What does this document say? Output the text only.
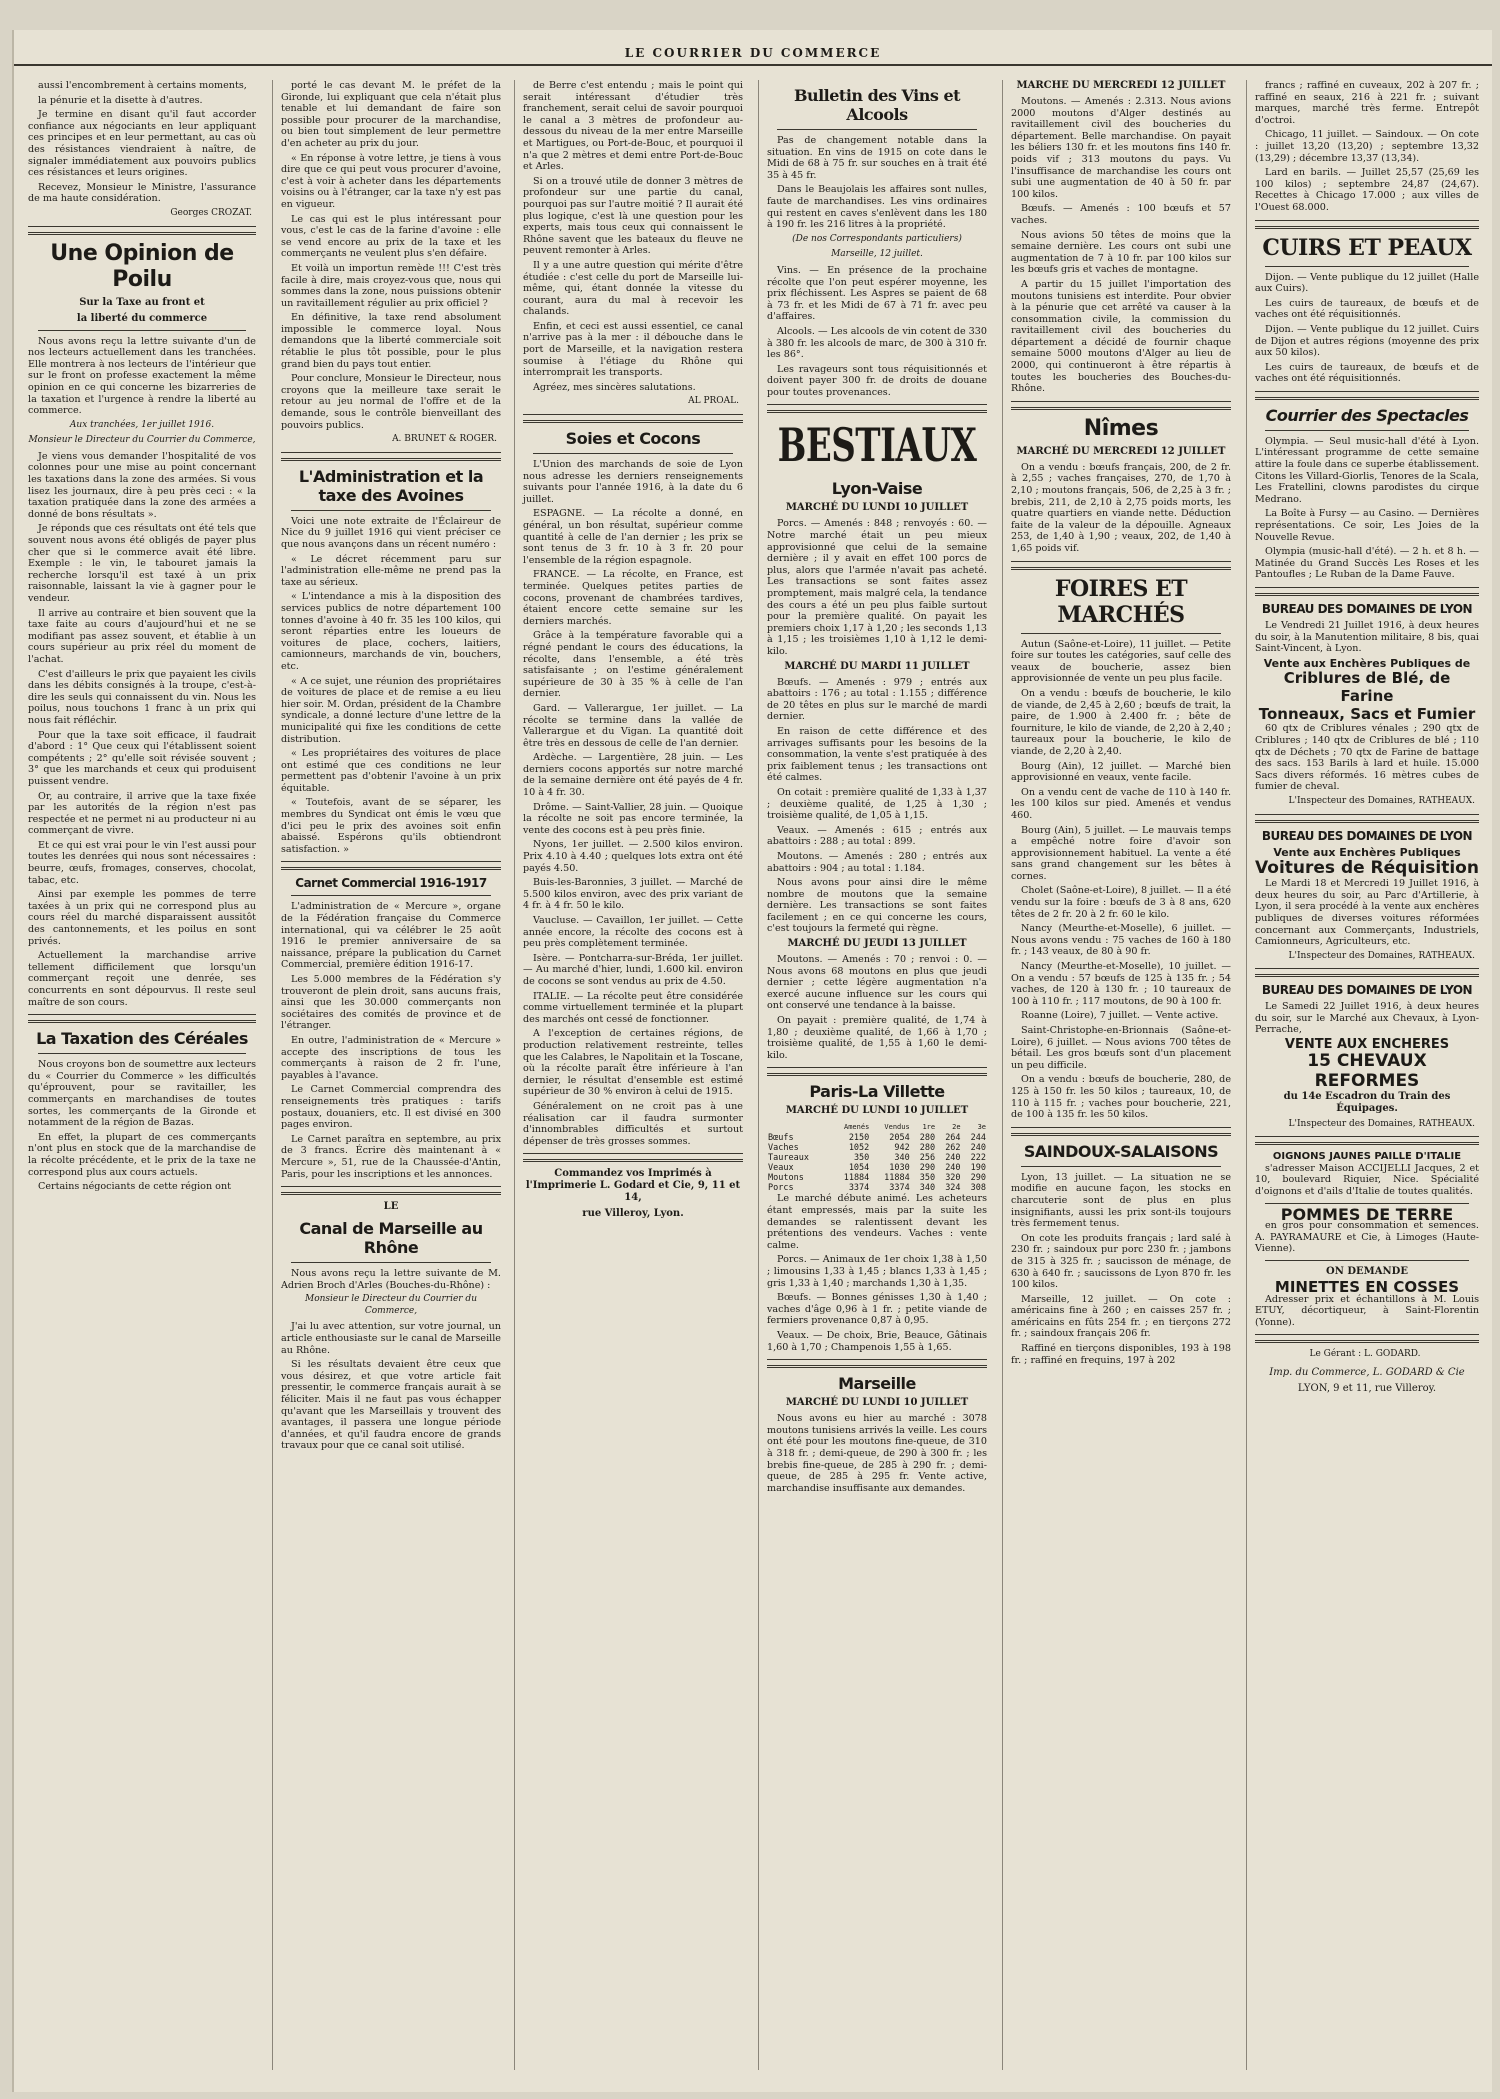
LE COURRIER DU COMMERCE

aussi l'encombrement à certains moments,

la pénurie et la disette à d'autres.

Je termine en disant qu'il faut accorder confiance aux négociants en leur appliquant ces principes et en leur permettant, au cas où des résistances viendraient à naître, de signaler immédiatement aux pouvoirs publics ces résistances et leurs origines.

Recevez, Monsieur le Ministre, l'assurance de ma haute considération.

Georges CROZAT.
Une Opinion de Poilu
Sur la Taxe au front et
la liberté du commerce

Nous avons reçu la lettre suivante d'un de nos lecteurs actuellement dans les tranchées. Elle montrera à nos lecteurs de l'intérieur que sur le front on professe exactement la même opinion en ce qui concerne les bizarreries de la taxation et l'urgence à rendre la liberté au commerce.

Aux tranchées, 1er juillet 1916.
Monsieur le Directeur du Courrier du Commerce,

Je viens vous demander l'hospitalité de vos colonnes pour une mise au point concernant les taxations dans la zone des armées. Si vous lisez les journaux, dire à peu près ceci : « la taxation pratiquée dans la zone des armées a donné de bons résultats ».

Je réponds que ces résultats ont été tels que souvent nous avons été obligés de payer plus cher que si le commerce avait été libre. Exemple : le vin, le tabouret jamais la recherche lorsqu'il est taxé à un prix raisonnable, laissant la vie à gagner pour le vendeur.

Il arrive au contraire et bien souvent que la taxe faite au cours d'aujourd'hui et ne se modifiant pas assez souvent, et établie à un cours supérieur au prix réel du moment de l'achat.

C'est d'ailleurs le prix que payaient les civils dans les débits consignés à la troupe, c'est-à-dire les seuls qui connaissent du vin. Nous les poilus, nous touchons 1 franc à un prix qui nous fait réfléchir.

Pour que la taxe soit efficace, il faudrait d'abord : 1° Que ceux qui l'établissent soient compétents ; 2° qu'elle soit révisée souvent ; 3° que les marchands et ceux qui produisent puissent vendre.

Or, au contraire, il arrive que la taxe fixée par les autorités de la région n'est pas respectée et ne permet ni au producteur ni au commerçant de vivre.

Et ce qui est vrai pour le vin l'est aussi pour toutes les denrées qui nous sont nécessaires : beurre, œufs, fromages, conserves, chocolat, tabac, etc.

Ainsi par exemple les pommes de terre taxées à un prix qui ne correspond plus au cours réel du marché disparaissent aussitôt des cantonnements, et les poilus en sont privés.

Actuellement la marchandise arrive tellement difficilement que lorsqu'un commerçant reçoit une denrée, ses concurrents en sont dépourvus. Il reste seul maître de son cours.

La Taxation des Céréales

Nous croyons bon de soumettre aux lecteurs du « Courrier du Commerce » les difficultés qu'éprouvent, pour se ravitailler, les commerçants en marchandises de toutes sortes, les commerçants de la Gironde et notamment de la région de Bazas.

En effet, la plupart de ces commerçants n'ont plus en stock que de la marchandise de la récolte précédente, et le prix de la taxe ne correspond plus aux cours actuels.

Certains négociants de cette région ont

porté le cas devant M. le préfet de la Gironde, lui expliquant que cela n'était plus tenable et lui demandant de faire son possible pour procurer de la marchandise, ou bien tout simplement de leur permettre d'en acheter au prix du jour.

« En réponse à votre lettre, je tiens à vous dire que ce qui peut vous procurer d'avoine, c'est à voir à acheter dans les départements voisins ou à l'étranger, car la taxe n'y est pas en vigueur.

Le cas qui est le plus intéressant pour vous, c'est le cas de la farine d'avoine : elle se vend encore au prix de la taxe et les commerçants ne veulent plus s'en défaire.

Et voilà un importun remède !!! C'est très facile à dire, mais croyez-vous que, nous qui sommes dans la zone, nous puissions obtenir un ravitaillement régulier au prix officiel ?

En définitive, la taxe rend absolument impossible le commerce loyal. Nous demandons que la liberté commerciale soit rétablie le plus tôt possible, pour le plus grand bien du pays tout entier.

Pour conclure, Monsieur le Directeur, nous croyons que la meilleure taxe serait le retour au jeu normal de l'offre et de la demande, sous le contrôle bienveillant des pouvoirs publics.

A. BRUNET & ROGER.
L'Administration et la taxe des Avoines

Voici une note extraite de l'Éclaireur de Nice du 9 juillet 1916 qui vient préciser ce que nous avançons dans un récent numéro :

« Le décret récemment paru sur l'administration elle-même ne prend pas la taxe au sérieux.

« L'intendance a mis à la disposition des services publics de notre département 100 tonnes d'avoine à 40 fr. 35 les 100 kilos, qui seront réparties entre les loueurs de voitures de place, cochers, laitiers, camionneurs, marchands de vin, bouchers, etc.

« A ce sujet, une réunion des propriétaires de voitures de place et de remise a eu lieu hier soir. M. Ordan, président de la Chambre syndicale, a donné lecture d'une lettre de la municipalité qui fixe les conditions de cette distribution.

« Les propriétaires des voitures de place ont estimé que ces conditions ne leur permettent pas d'obtenir l'avoine à un prix équitable.

« Toutefois, avant de se séparer, les membres du Syndicat ont émis le vœu que d'ici peu le prix des avoines soit enfin abaissé. Espérons qu'ils obtiendront satisfaction. »

Carnet Commercial 1916-1917

L'administration de « Mercure », organe de la Fédération française du Commerce international, qui va célébrer le 25 août 1916 le premier anniversaire de sa naissance, prépare la publication du Carnet Commercial, première édition 1916-17.

Les 5.000 membres de la Fédération s'y trouveront de plein droit, sans aucuns frais, ainsi que les 30.000 commerçants non sociétaires des comités de province et de l'étranger.

En outre, l'administration de « Mercure » accepte des inscriptions de tous les commerçants à raison de 2 fr. l'une, payables à l'avance.

Le Carnet Commercial comprendra des renseignements très pratiques : tarifs postaux, douaniers, etc. Il est divisé en 300 pages environ.

Le Carnet paraîtra en septembre, au prix de 3 francs. Écrire dès maintenant à « Mercure », 51, rue de la Chaussée-d'Antin, Paris, pour les inscriptions et les annonces.

LE
Canal de Marseille au Rhône

Nous avons reçu la lettre suivante de M. Adrien Broch d'Arles (Bouches-du-Rhône) :

Monsieur le Directeur du Courrier du Commerce,

J'ai lu avec attention, sur votre journal, un article enthousiaste sur le canal de Marseille au Rhône.

Si les résultats devaient être ceux que vous désirez, et que votre article fait pressentir, le commerce français aurait à se féliciter. Mais il ne faut pas vous échapper qu'avant que les Marseillais y trouvent des avantages, il passera une longue période d'années, et qu'il faudra encore de grands travaux pour que ce canal soit utilisé.

de Berre c'est entendu ; mais le point qui serait intéressant d'étudier très franchement, serait celui de savoir pourquoi le canal a 3 mètres de profondeur au-dessous du niveau de la mer entre Marseille et Martigues, ou Port-de-Bouc, et pourquoi il n'a que 2 mètres et demi entre Port-de-Bouc et Arles.

Si on a trouvé utile de donner 3 mètres de profondeur sur une partie du canal, pourquoi pas sur l'autre moitié ? Il aurait été plus logique, c'est là une question pour les experts, mais tous ceux qui connaissent le Rhône savent que les bateaux du fleuve ne peuvent remonter à Arles.

Il y a une autre question qui mérite d'être étudiée : c'est celle du port de Marseille lui-même, qui, étant donnée la vitesse du courant, aura du mal à recevoir les chalands.

Enfin, et ceci est aussi essentiel, ce canal n'arrive pas à la mer : il débouche dans le port de Marseille, et la navigation restera soumise à l'étiage du Rhône qui interromprait les transports.

Agréez, mes sincères salutations.

AL PROAL.
Soies et Cocons

L'Union des marchands de soie de Lyon nous adresse les derniers renseignements suivants pour l'année 1916, à la date du 6 juillet.

ESPAGNE. — La récolte a donné, en général, un bon résultat, supérieur comme quantité à celle de l'an dernier ; les prix se sont tenus de 3 fr. 10 à 3 fr. 20 pour l'ensemble de la région espagnole.

FRANCE. — La récolte, en France, est terminée. Quelques petites parties de cocons, provenant de chambrées tardives, étaient encore cette semaine sur les derniers marchés.

Grâce à la température favorable qui a régné pendant le cours des éducations, la récolte, dans l'ensemble, a été très satisfaisante ; on l'estime généralement supérieure de 30 à 35 % à celle de l'an dernier.

Gard. — Vallerargue, 1er juillet. — La récolte se termine dans la vallée de Vallerargue et du Vigan. La quantité doit être très en dessous de celle de l'an dernier.

Ardèche. — Largentière, 28 juin. — Les derniers cocons apportés sur notre marché de la semaine dernière ont été payés de 4 fr. 10 à 4 fr. 30.

Drôme. — Saint-Vallier, 28 juin. — Quoique la récolte ne soit pas encore terminée, la vente des cocons est à peu près finie.

Nyons, 1er juillet. — 2.500 kilos environ. Prix 4.10 à 4.40 ; quelques lots extra ont été payés 4.50.

Buis-les-Baronnies, 3 juillet. — Marché de 5.500 kilos environ, avec des prix variant de 4 fr. à 4 fr. 50 le kilo.

Vaucluse. — Cavaillon, 1er juillet. — Cette année encore, la récolte des cocons est à peu près complètement terminée.

Isère. — Pontcharra-sur-Bréda, 1er juillet. — Au marché d'hier, lundi, 1.600 kil. environ de cocons se sont vendus au prix de 4.50.

ITALIE. — La récolte peut être considérée comme virtuellement terminée et la plupart des marchés ont cessé de fonctionner.

A l'exception de certaines régions, de production relativement restreinte, telles que les Calabres, le Napolitain et la Toscane, où la récolte paraît être inférieure à l'an dernier, le résultat d'ensemble est estimé supérieur de 30 % environ à celui de 1915.

Généralement on ne croit pas à une réalisation car il faudra surmonter d'innombrables difficultés et surtout dépenser de très grosses sommes.

Commandez vos Imprimés à l'Imprimerie L. Godard et Cie, 9, 11 et 14,
rue Villeroy, Lyon.
Bulletin des Vins et Alcools

Pas de changement notable dans la situation. En vins de 1915 on cote dans le Midi de 68 à 75 fr. sur souches en à trait été 35 à 45 fr.

Dans le Beaujolais les affaires sont nulles, faute de marchandises. Les vins ordinaires qui restent en caves s'enlèvent dans les 180 à 190 fr. les 216 litres à la propriété.

(De nos Correspondants particuliers)
Marseille, 12 juillet.

Vins. — En présence de la prochaine récolte que l'on peut espérer moyenne, les prix fléchissent. Les Aspres se paient de 68 à 73 fr. et les Midi de 67 à 71 fr. avec peu d'affaires.

Alcools. — Les alcools de vin cotent de 330 à 380 fr. les alcools de marc, de 300 à 310 fr. les 86°.

Les ravageurs sont tous réquisitionnés et doivent payer 300 fr. de droits de douane pour toutes provenances.

BESTIAUX
Lyon-Vaise
MARCHÉ DU LUNDI 10 JUILLET

Porcs. — Amenés : 848 ; renvoyés : 60. — Notre marché était un peu mieux approvisionné que celui de la semaine dernière ; il y avait en effet 100 porcs de plus, alors que l'armée n'avait pas acheté. Les transactions se sont faites assez promptement, mais malgré cela, la tendance des cours a été un peu plus faible surtout pour la première qualité. On payait les premiers choix 1,17 à 1,20 ; les seconds 1,13 à 1,15 ; les troisièmes 1,10 à 1,12 le demi-kilo.

MARCHÉ DU MARDI 11 JUILLET

Bœufs. — Amenés : 979 ; entrés aux abattoirs : 176 ; au total : 1.155 ; différence de 20 têtes en plus sur le marché de mardi dernier.

En raison de cette différence et des arrivages suffisants pour les besoins de la consommation, la vente s'est pratiquée à des prix faiblement tenus ; les transactions ont été calmes.

On cotait : première qualité de 1,33 à 1,37 ; deuxième qualité, de 1,25 à 1,30 ; troisième qualité, de 1,05 à 1,15.

Veaux. — Amenés : 615 ; entrés aux abattoirs : 288 ; au total : 899.

Moutons. — Amenés : 280 ; entrés aux abattoirs : 904 ; au total : 1.184.

Nous avons pour ainsi dire le même nombre de moutons que la semaine dernière. Les transactions se sont faites facilement ; en ce qui concerne les cours, c'est toujours la fermeté qui règne.

MARCHÉ DU JEUDI 13 JUILLET

Moutons. — Amenés : 70 ; renvoi : 0. — Nous avons 68 moutons en plus que jeudi dernier ; cette légère augmentation n'a exercé aucune influence sur les cours qui ont conservé une tendance à la baisse.

On payait : première qualité, de 1,74 à 1,80 ; deuxième qualité, de 1,66 à 1,70 ; troisième qualité, de 1,55 à 1,60 le demi-kilo.

Paris-La Villette
MARCHÉ DU LUNDI 10 JUILLET
	Amenés	Vendus	1re	2e	3e
Bœufs	2150	2054	280	264	244
Vaches	1052	942	280	262	240
Taureaux	350	340	256	240	222
Veaux	1054	1030	290	240	190
Moutons	11884	11884	350	320	290
Porcs	3374	3374	340	324	308

Le marché débute animé. Les acheteurs étant empressés, mais par la suite les demandes se ralentissent devant les prétentions des vendeurs. Vaches : vente calme.

Porcs. — Animaux de 1er choix 1,38 à 1,50 ; limousins 1,33 à 1,45 ; blancs 1,33 à 1,45 ; gris 1,33 à 1,40 ; marchands 1,30 à 1,35.

Bœufs. — Bonnes génisses 1,30 à 1,40 ; vaches d'âge 0,96 à 1 fr. ; petite viande de fermiers provenance 0,87 à 0,95.

Veaux. — De choix, Brie, Beauce, Gâtinais 1,60 à 1,70 ; Champenois 1,55 à 1,65.

Marseille
MARCHÉ DU LUNDI 10 JUILLET

Nous avons eu hier au marché : 3078 moutons tunisiens arrivés la veille. Les cours ont été pour les moutons fine-queue, de 310 à 318 fr. ; demi-queue, de 290 à 300 fr. ; les brebis fine-queue, de 285 à 290 fr. ; demi-queue, de 285 à 295 fr. Vente active, marchandise insuffisante aux demandes.

MARCHÉ DU MERCREDI 12 JUILLET

Moutons. — Amenés : 2.313. Nous avions 2000 moutons d'Alger destinés au ravitaillement civil des boucheries du département. Belle marchandise. On payait les béliers 130 fr. et les moutons fins 140 fr. poids vif ; 313 moutons du pays. Vu l'insuffisance de marchandise les cours ont subi une augmentation de 40 à 50 fr. par 100 kilos.

Bœufs. — Amenés : 100 bœufs et 57 vaches.

Nous avions 50 têtes de moins que la semaine dernière. Les cours ont subi une augmentation de 7 à 10 fr. par 100 kilos sur les bœufs gris et vaches de montagne.

A partir du 15 juillet l'importation des moutons tunisiens est interdite. Pour obvier à la pénurie que cet arrêté va causer à la consommation civile, la commission du ravitaillement civil des boucheries du département a décidé de fournir chaque semaine 5000 moutons d'Alger au lieu de 2000, qui continueront à être répartis à toutes les boucheries des Bouches-du-Rhône.

Nîmes
MARCHÉ DU MERCREDI 12 JUILLET

On a vendu : bœufs français, 200, de 2 fr. à 2,55 ; vaches françaises, 270, de 1,70 à 2,10 ; moutons français, 506, de 2,25 à 3 fr. ; brebis, 211, de 2,10 à 2,75 poids morts, les quatre quartiers en viande nette. Déduction faite de la valeur de la dépouille. Agneaux 253, de 1,40 à 1,90 ; veaux, 202, de 1,40 à 1,65 poids vif.

FOIRES ET MARCHÉS

Autun (Saône-et-Loire), 11 juillet. — Petite foire sur toutes les catégories, sauf celle des veaux de boucherie, assez bien approvisionnée de vente un peu plus facile.

On a vendu : bœufs de boucherie, le kilo de viande, de 2,45 à 2,60 ; bœufs de trait, la paire, de 1.900 à 2.400 fr. ; bête de fourniture, le kilo de viande, de 2,20 à 2,40 ; taureaux pour la boucherie, le kilo de viande, de 2,20 à 2,40.

Bourg (Ain), 12 juillet. — Marché bien approvisionné en veaux, vente facile.

On a vendu cent de vache de 110 à 140 fr. les 100 kilos sur pied. Amenés et vendus 460.

Bourg (Ain), 5 juillet. — Le mauvais temps a empêché notre foire d'avoir son approvisionnement habituel. La vente a été sans grand changement sur les bêtes à cornes.

Cholet (Saône-et-Loire), 8 juillet. — Il a été vendu sur la foire : bœufs de 3 à 8 ans, 620 têtes de 2 fr. 20 à 2 fr. 60 le kilo.

Nancy (Meurthe-et-Moselle), 6 juillet. — Nous avons vendu : 75 vaches de 160 à 180 fr. ; 143 veaux, de 80 à 90 fr.

Nancy (Meurthe-et-Moselle), 10 juillet. — On a vendu : 57 bœufs de 125 à 135 fr. ; 54 vaches, de 120 à 130 fr. ; 10 taureaux de 100 à 110 fr. ; 117 moutons, de 90 à 100 fr.

Roanne (Loire), 7 juillet. — Vente active.

Saint-Christophe-en-Brionnais (Saône-et-Loire), 6 juillet. — Nous avions 700 têtes de bétail. Les gros bœufs sont d'un placement un peu difficile.

On a vendu : bœufs de boucherie, 280, de 125 à 150 fr. les 50 kilos ; taureaux, 10, de 110 à 115 fr. ; vaches pour boucherie, 221, de 100 à 135 fr. les 50 kilos.

SAINDOUX-SALAISONS

Lyon, 13 juillet. — La situation ne se modifie en aucune façon, les stocks en charcuterie sont de plus en plus insignifiants, aussi les prix sont-ils toujours très fermement tenus.

On cote les produits français ; lard salé à 230 fr. ; saindoux pur porc 230 fr. ; jambons de 315 à 325 fr. ; saucisson de ménage, de 630 à 640 fr. ; saucissons de Lyon 870 fr. les 100 kilos.

Marseille, 12 juillet. — On cote : américains fine à 260 ; en caisses 257 fr. ; américains en fûts 254 fr. ; en tierçons 272 fr. ; saindoux français 206 fr.

Raffiné en tierçons disponibles, 193 à 198 fr. ; raffiné en frequins, 197 à 202

francs ; raffiné en cuveaux, 202 à 207 fr. ; raffiné en seaux, 216 à 221 fr. ; suivant marques, marché très ferme. Entrepôt d'octroi.

Chicago, 11 juillet. — Saindoux. — On cote : juillet 13,20 (13,20) ; septembre 13,32 (13,29) ; décembre 13,37 (13,34).

Lard en barils. — Juillet 25,57 (25,69 les 100 kilos) ; septembre 24,87 (24,67). Recettes à Chicago 17.000 ; aux villes de l'Ouest 68.000.

CUIRS ET PEAUX

Dijon. — Vente publique du 12 juillet (Halle aux Cuirs).

Les cuirs de taureaux, de bœufs et de vaches ont été réquisitionnés.

Dijon. — Vente publique du 12 juillet. Cuirs de Dijon et autres régions (moyenne des prix aux 50 kilos).

Les cuirs de taureaux, de bœufs et de vaches ont été réquisitionnés.

Courrier des Spectacles

Olympia. — Seul music-hall d'été à Lyon. L'intéressant programme de cette semaine attire la foule dans ce superbe établissement. Citons les Villard-Giorlis, Tenores de la Scala, Les Fratellini, clowns parodistes du cirque Medrano.

La Boîte à Fursy — au Casino. — Dernières représentations. Ce soir, Les Joies de la Nouvelle Revue.

Olympia (music-hall d'été). — 2 h. et 8 h. — Matinée du Grand Succès Les Roses et les Pantoufles ; Le Ruban de la Dame Fauve.

BUREAU DES DOMAINES DE LYON

Le Vendredi 21 Juillet 1916, à deux heures du soir, à la Manutention militaire, 8 bis, quai Saint-Vincent, à Lyon.

Vente aux Enchères Publiques de
Criblures de Blé, de Farine
Tonneaux, Sacs et Fumier

60 qtx de Criblures vénales ; 290 qtx de Criblures ; 140 qtx de Criblures de blé ; 110 qtx de Déchets ; 70 qtx de Farine de battage des sacs. 153 Barils à lard et huile. 15.000 Sacs divers réformés. 16 mètres cubes de fumier de cheval.

L'Inspecteur des Domaines, RATHEAUX.
BUREAU DES DOMAINES DE LYON
Vente aux Enchères Publiques
Voitures de Réquisition

Le Mardi 18 et Mercredi 19 Juillet 1916, à deux heures du soir, au Parc d'Artillerie, à Lyon, il sera procédé à la vente aux enchères publiques de diverses voitures réformées concernant aux Commerçants, Industriels, Camionneurs, Agriculteurs, etc.

L'Inspecteur des Domaines, RATHEAUX.
BUREAU DES DOMAINES DE LYON

Le Samedi 22 Juillet 1916, à deux heures du soir, sur le Marché aux Chevaux, à Lyon-Perrache,

VENTE AUX ENCHERES
15 CHEVAUX REFORMES
du 14e Escadron du Train des Équipages.
L'Inspecteur des Domaines, RATHEAUX.
OIGNONS JAUNES PAILLE D'ITALIE

s'adresser Maison ACCIJELLI Jacques, 2 et 10, boulevard Riquier, Nice. Spécialité d'oignons et d'ails d'Italie de toutes qualités.

POMMES DE TERRE

en gros pour consommation et semences. A. PAYRAMAURE et Cie, à Limoges (Haute-Vienne).

ON DEMANDE
MINETTES EN COSSES

Adresser prix et échantillons à M. Louis ETUY, décortiqueur, à Saint-Florentin (Yonne).

Le Gérant : L. GODARD.
Imp. du Commerce, L. GODARD & Cie
LYON, 9 et 11, rue Villeroy.
